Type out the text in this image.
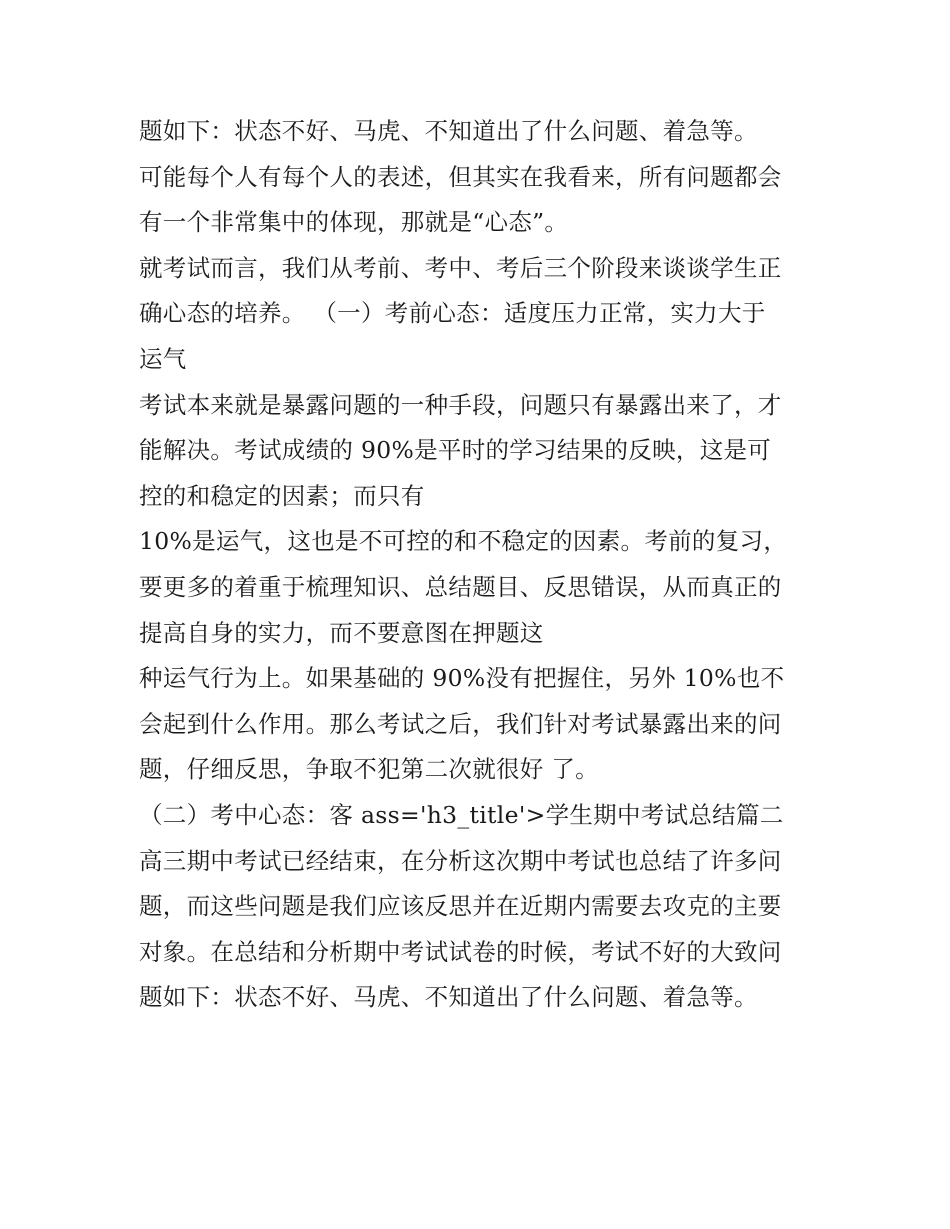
题如下：状态不好、马虎、不知道出了什么问题、着急等。
可能每个人有每个人的表述，但其实在我看来，所有问题都会
有一个非常集中的体现，那就是“心态”。
就考试而言，我们从考前、考中、考后三个阶段来谈谈学生正
确心态的培养。 （一）考前心态：适度压力正常，实力大于
运气
考试本来就是暴露问题的一种手段，问题只有暴露出来了，才
能解决。考试成绩的 90%是平时的学习结果的反映，这是可
控的和稳定的因素；而只有
10%是运气，这也是不可控的和不稳定的因素。考前的复习，
要更多的着重于梳理知识、总结题目、反思错误，从而真正的
提高自身的实力，而不要意图在押题这
种运气行为上。如果基础的 90%没有把握住，另外 10%也不
会起到什么作用。那么考试之后，我们针对考试暴露出来的问
题，仔细反思，争取不犯第二次就很好 了。
（二）考中心态：客 ass='h3_title'>学生期中考试总结篇二
高三期中考试已经结束，在分析这次期中考试也总结了许多问
题，而这些问题是我们应该反思并在近期内需要去攻克的主要
对象。在总结和分析期中考试试卷的时候，考试不好的大致问
题如下：状态不好、马虎、不知道出了什么问题、着急等。
